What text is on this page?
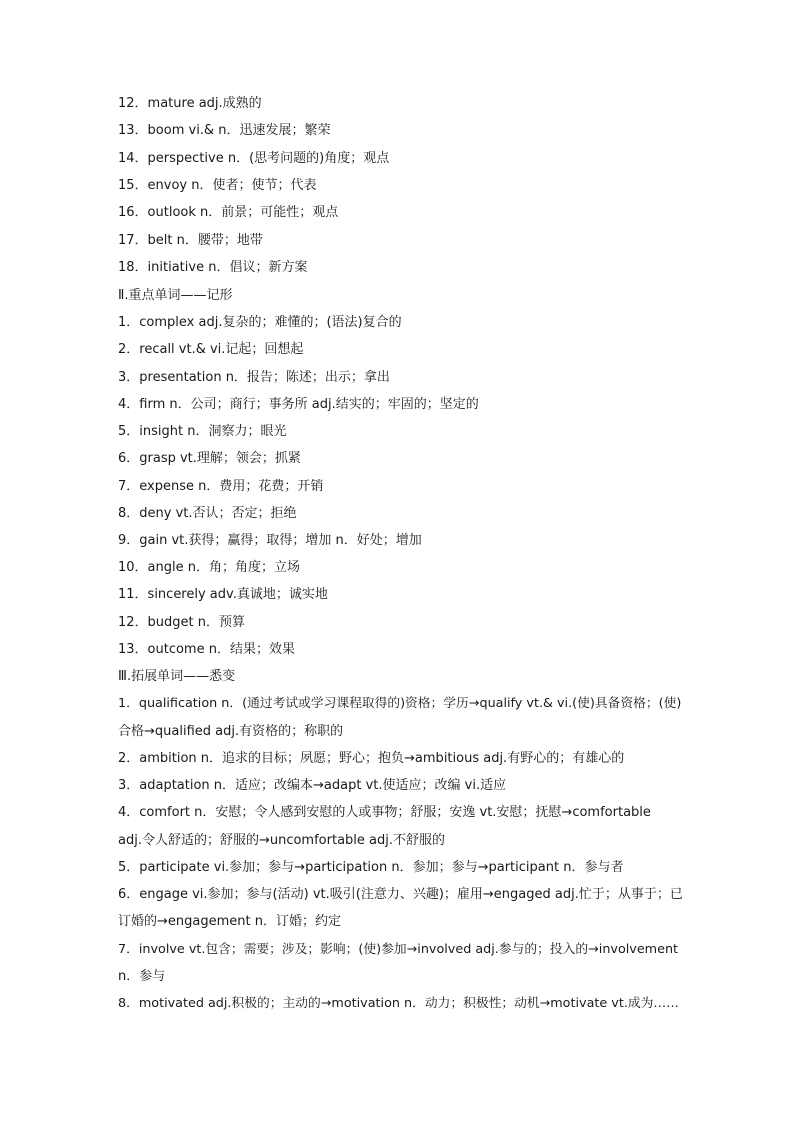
12．mature adj.成熟的
13．boom vi.& n．迅速发展；繁荣
14．perspective n．(思考问题的)角度；观点
15．envoy n．使者；使节；代表
16．outlook n．前景；可能性；观点
17．belt n．腰带；地带
18．initiative n．倡议；新方案
Ⅱ.重点单词——记形
1．complex adj.复杂的；难懂的；(语法)复合的
2．recall vt.& vi.记起；回想起
3．presentation n．报告；陈述；出示；拿出
4．firm n．公司；商行；事务所 adj.结实的；牢固的；坚定的
5．insight n．洞察力；眼光
6．grasp vt.理解；领会；抓紧
7．expense n．费用；花费；开销
8．deny vt.否认；否定；拒绝
9．gain vt.获得；赢得；取得；增加 n．好处；增加
10．angle n．角；角度；立场
11．sincerely adv.真诚地；诚实地
12．budget n．预算
13．outcome n．结果；效果
Ⅲ.拓展单词——悉变
1．qualification n．(通过考试或学习课程取得的)资格；学历→qualify vt.& vi.(使)具备资格；(使)
合格→qualified adj.有资格的；称职的
2．ambition n．追求的目标；夙愿；野心；抱负→ambitious adj.有野心的；有雄心的
3．adaptation n．适应；改编本→adapt vt.使适应；改编 vi.适应
4．comfort n．安慰；令人感到安慰的人或事物；舒服；安逸 vt.安慰；抚慰→comfortable
adj.令人舒适的；舒服的→uncomfortable adj.不舒服的
5．participate vi.参加；参与→participation n．参加；参与→participant n．参与者
6．engage vi.参加；参与(活动) vt.吸引(注意力、兴趣)；雇用→engaged adj.忙于；从事于；已
订婚的→engagement n．订婚；约定
7．involve vt.包含；需要；涉及；影响；(使)参加→involved adj.参与的；投入的→involvement
n．参与
8．motivated adj.积极的；主动的→motivation n．动力；积极性；动机→motivate vt.成为……
